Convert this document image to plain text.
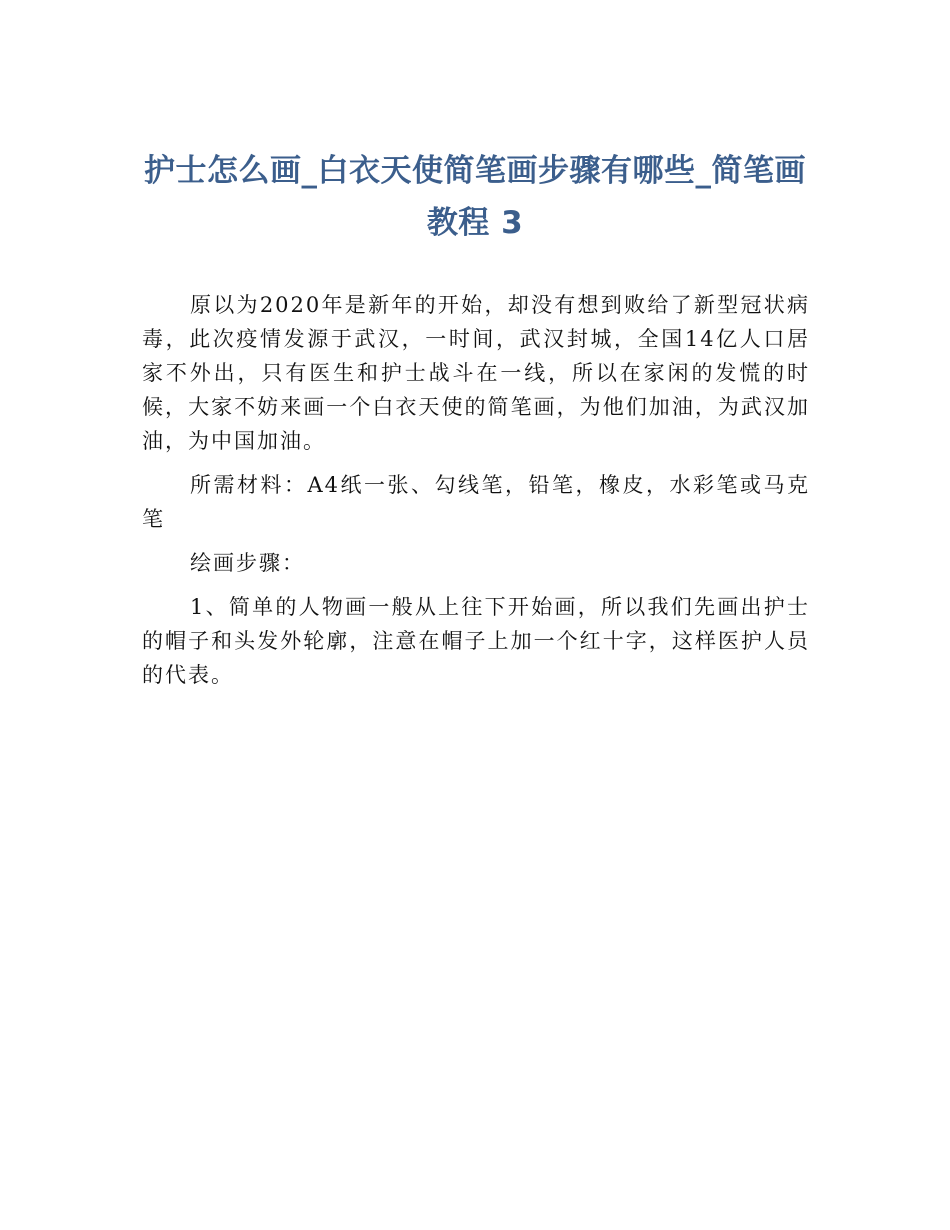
护士怎么画_白衣天使简笔画步骤有哪些_简笔画教程 3

原以为2020年是新年的开始，却没有想到败给了新型冠状病毒，此次疫情发源于武汉，一时间，武汉封城，全国14亿人口居家不外出，只有医生和护士战斗在一线，所以在家闲的发慌的时候，大家不妨来画一个白衣天使的简笔画，为他们加油，为武汉加油，为中国加油。

所需材料：A4纸一张、勾线笔，铅笔，橡皮，水彩笔或马克笔

绘画步骤：

1、简单的人物画一般从上往下开始画，所以我们先画出护士的帽子和头发外轮廓，注意在帽子上加一个红十字，这样医护人员的代表。
